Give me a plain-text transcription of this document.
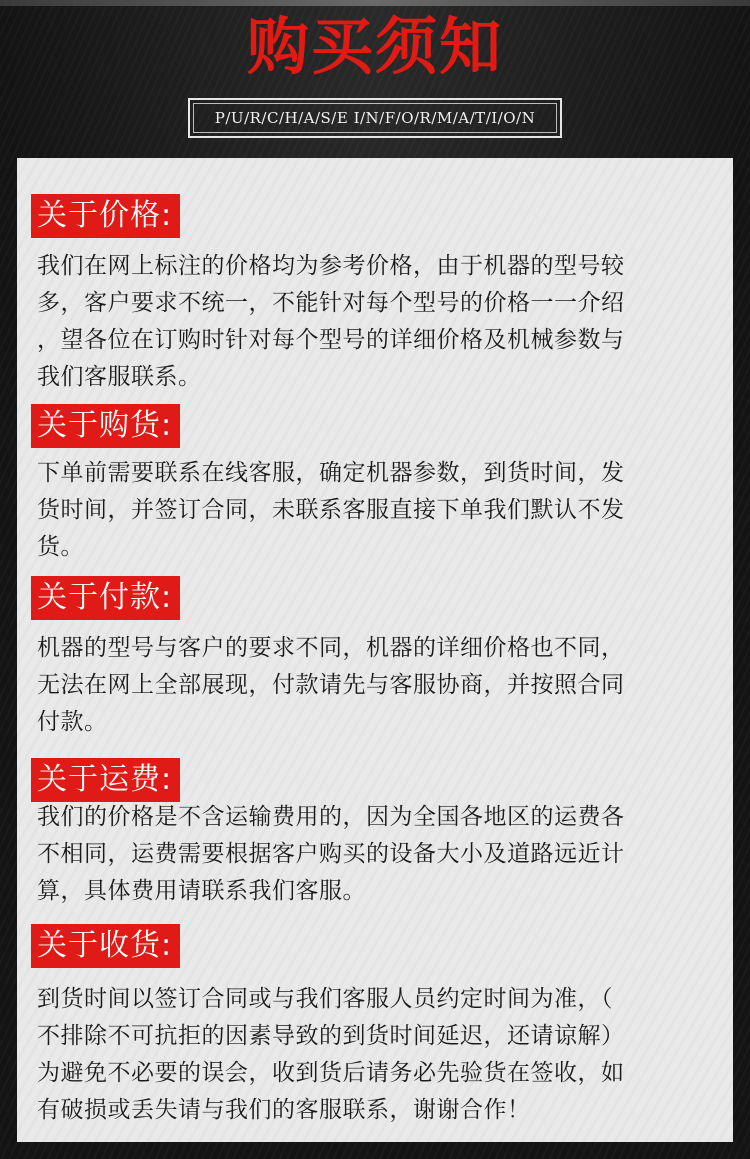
购买须知
P/U/R/C/H/A/S/E I/N/F/O/R/M/A/T/I/O/N
关于价格:
我们在网上标注的价格均为参考价格，由于机器的型号较
多，客户要求不统一，不能针对每个型号的价格一一介绍
，望各位在订购时针对每个型号的详细价格及机械参数与
我们客服联系。
关于购货:
下单前需要联系在线客服，确定机器参数，到货时间，发
货时间，并签订合同，未联系客服直接下单我们默认不发
货。
关于付款:
机器的型号与客户的要求不同，机器的详细价格也不同，
无法在网上全部展现，付款请先与客服协商，并按照合同
付款。
关于运费:
我们的价格是不含运输费用的，因为全国各地区的运费各
不相同，运费需要根据客户购买的设备大小及道路远近计
算，具体费用请联系我们客服。
关于收货:
到货时间以签订合同或与我们客服人员约定时间为准，（
不排除不可抗拒的因素导致的到货时间延迟，还请谅解）
为避免不必要的误会，收到货后请务必先验货在签收，如
有破损或丢失请与我们的客服联系，谢谢合作！
